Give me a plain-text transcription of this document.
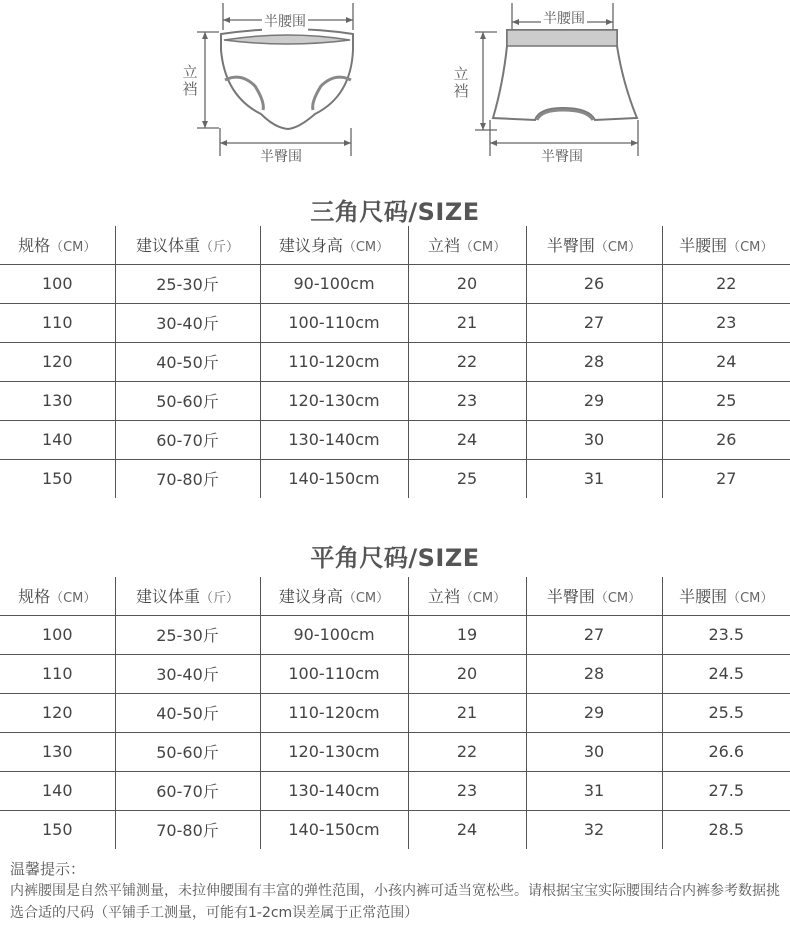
半腰围
立裆
半臀围
半腰围
立裆
半臀围
三角尺码/SIZE
规格（CM）	建议体重（斤）	建议身高（CM）	立裆（CM）	半臀围（CM）	半腰围（CM）
100	25-30斤	90-100cm	20	26	22
110	30-40斤	100-110cm	21	27	23
120	40-50斤	110-120cm	22	28	24
130	50-60斤	120-130cm	23	29	25
140	60-70斤	130-140cm	24	30	26
150	70-80斤	140-150cm	25	31	27
平角尺码/SIZE
规格（CM）	建议体重（斤）	建议身高（CM）	立裆（CM）	半臀围（CM）	半腰围（CM）
100	25-30斤	90-100cm	19	27	23.5
110	30-40斤	100-110cm	20	28	24.5
120	40-50斤	110-120cm	21	29	25.5
130	50-60斤	120-130cm	22	30	26.6
140	60-70斤	130-140cm	23	31	27.5
150	70-80斤	140-150cm	24	32	28.5
温馨提示：
内裤腰围是自然平铺测量，未拉伸腰围有丰富的弹性范围，小孩内裤可适当宽松些。请根据宝宝实际腰围结合内裤参考数据挑选合适的尺码（平铺手工测量，可能有1-2cm误差属于正常范围）
